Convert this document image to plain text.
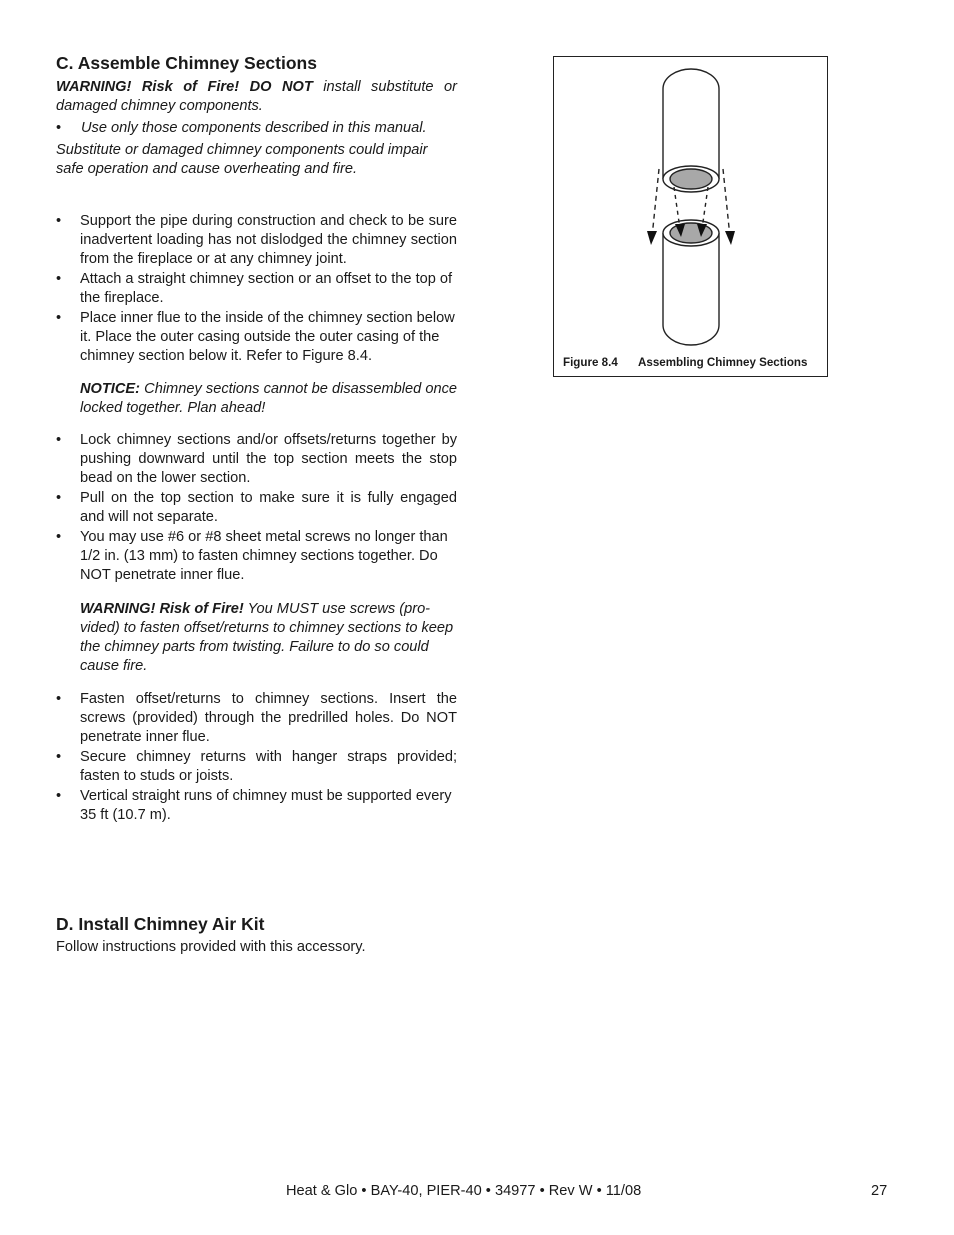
C. Assemble Chimney Sections

WARNING! Risk of Fire! DO NOT install substitute or damaged chimney components.

• Use only those components described in this manual.

Substitute or damaged chimney components could impair safe operation and cause overheating and fire.

• Support the pipe during construction and check to be sure inadvertent loading has not dislodged the chimney section from the fireplace or at any chimney joint.

• Attach a straight chimney section or an offset to the top of the fireplace.

• Place inner flue to the inside of the chimney section below it. Place the outer casing outside the outer casing of the chimney section below it. Refer to Figure 8.4.

NOTICE: Chimney sections cannot be disassembled once locked together. Plan ahead!

• Lock chimney sections and/or offsets/returns together by pushing downward until the top section meets the stop bead on the lower section.

• Pull on the top section to make sure it is fully engaged and will not separate.

• You may use #6 or #8 sheet metal screws no longer than 1/2 in. (13 mm) to fasten chimney sections together. Do NOT penetrate inner flue.

WARNING! Risk of Fire! You MUST use screws (pro-vided) to fasten offset/returns to chimney sections to keep the chimney parts from twisting. Failure to do so could cause fire.

• Fasten offset/returns to chimney sections. Insert the screws (provided) through the predrilled holes. Do NOT penetrate inner flue.

• Secure chimney returns with hanger straps provided; fasten to studs or joists.

• Vertical straight runs of chimney must be supported every 35 ft (10.7 m).

D. Install Chimney Air Kit

Follow instructions provided with this accessory.

Figure 8.4 Assembling Chimney Sections
Heat & Glo • BAY-40, PIER-40 • 34977 • Rev W • 11/08	27
